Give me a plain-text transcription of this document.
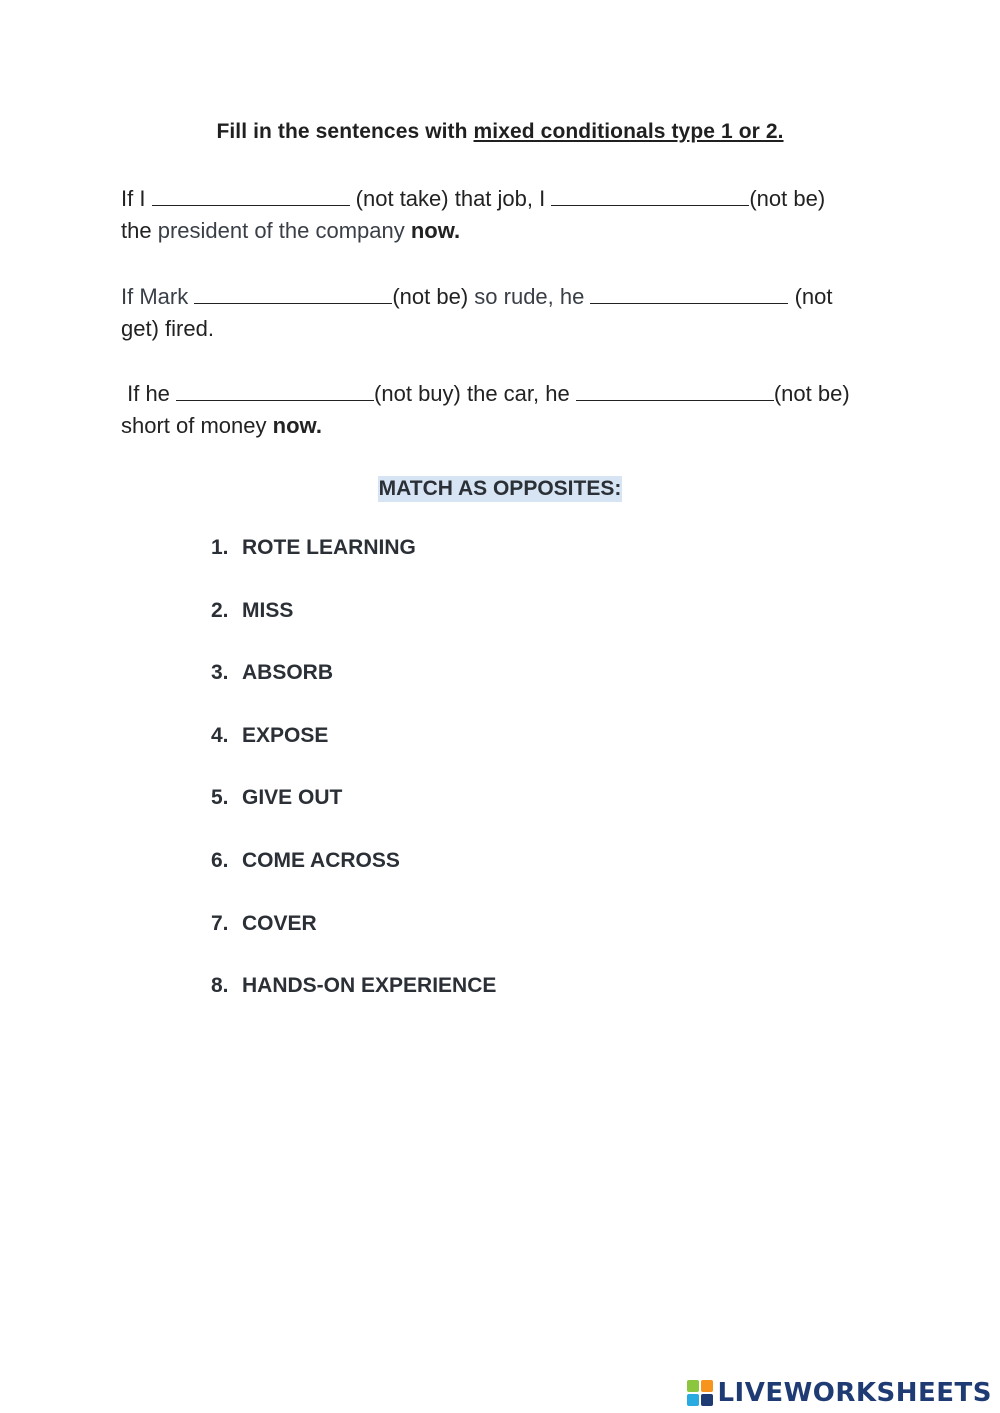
Fill in the sentences with mixed conditionals type 1 or 2.
If I	(not take) that job, I	(not be)
the president of the company now.
If Mark	(not be) so rude, he	(not
get) fired.
If he	(not buy) the car, he	(not be)
short of money now.
MATCH AS OPPOSITES:
1. ROTE LEARNING
2. MISS
3. ABSORB
4. EXPOSE
5. GIVE OUT
6. COME ACROSS
7. COVER
8. HANDS-ON EXPERIENCE
LIVEWORKSHEETS
